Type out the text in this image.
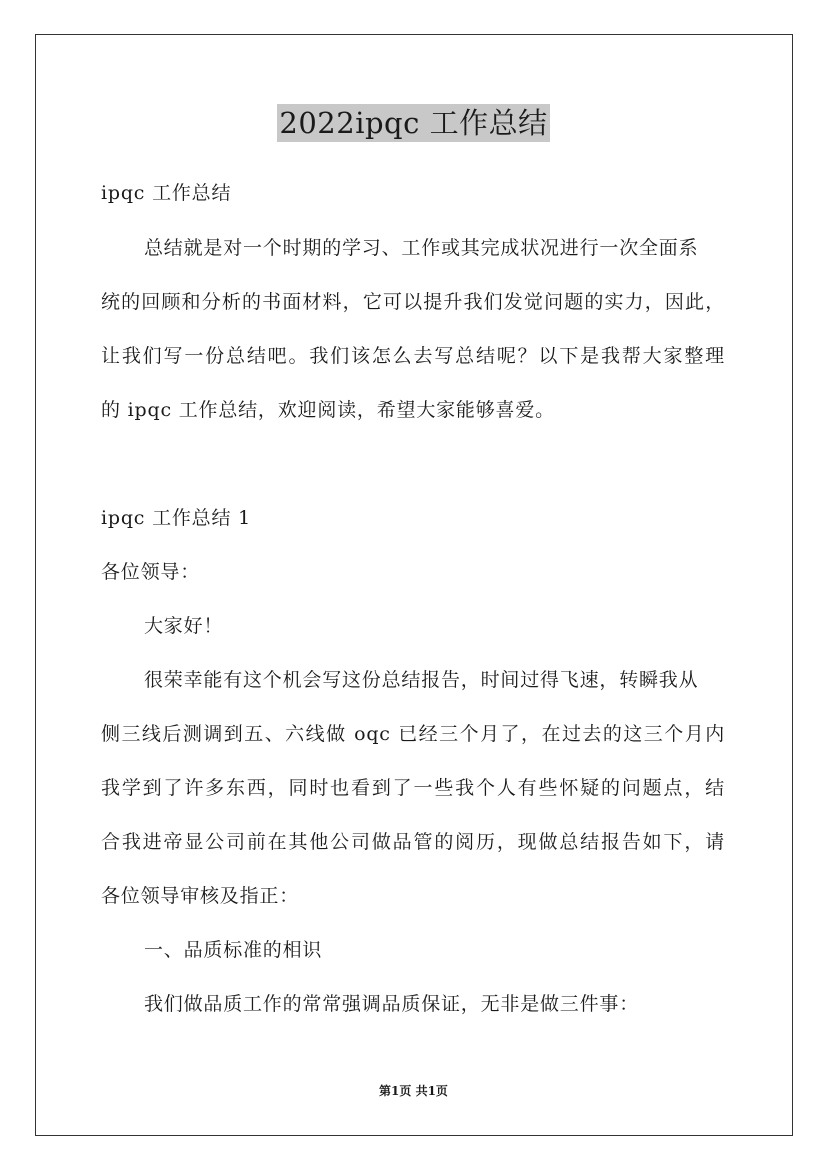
2022ipqc 工作总结
ipqc 工作总结
总结就是对一个时期的学习、工作或其完成状况进行一次全面系
统的回顾和分析的书面材料，它可以提升我们发觉问题的实力，因此，
让我们写一份总结吧。我们该怎么去写总结呢？以下是我帮大家整理
的 ipqc 工作总结，欢迎阅读，希望大家能够喜爱。
ipqc 工作总结 1
各位领导：
大家好！
很荣幸能有这个机会写这份总结报告，时间过得飞速，转瞬我从
侧三线后测调到五、六线做 oqc 已经三个月了，在过去的这三个月内
我学到了许多东西，同时也看到了一些我个人有些怀疑的问题点，结
合我进帝显公司前在其他公司做品管的阅历，现做总结报告如下，请
各位领导审核及指正：
一、品质标准的相识
我们做品质工作的常常强调品质保证，无非是做三件事：
第1页 共1页
